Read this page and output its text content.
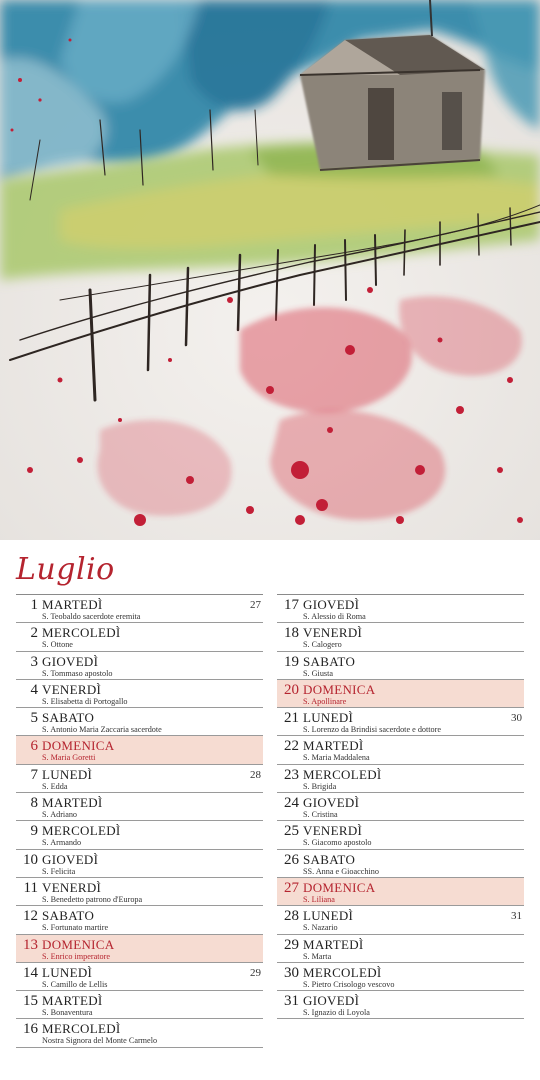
Luglio
1 MARTEDÌ
S. Teobaldo sacerdote eremita
27
2 MERCOLEDÌ
S. Ottone
3 GIOVEDÌ
S. Tommaso apostolo
4 VENERDÌ
S. Elisabetta di Portogallo
5 SABATO
S. Antonio Maria Zaccaria sacerdote
6 DOMENICA
S. Maria Goretti
7 LUNEDÌ
S. Edda
28
8 MARTEDÌ
S. Adriano
9 MERCOLEDÌ
S. Armando
10 GIOVEDÌ
S. Felicita
11 VENERDÌ
S. Benedetto patrono d'Europa
12 SABATO
S. Fortunato martire
13 DOMENICA
S. Enrico imperatore
14 LUNEDÌ
S. Camillo de Lellis
29
15 MARTEDÌ
S. Bonaventura
16 MERCOLEDÌ
Nostra Signora del Monte Carmelo
17 GIOVEDÌ
S. Alessio di Roma
18 VENERDÌ
S. Calogero
19 SABATO
S. Giusta
20 DOMENICA
S. Apollinare
21 LUNEDÌ
S. Lorenzo da Brindisi sacerdote e dottore
30
22 MARTEDÌ
S. Maria Maddalena
23 MERCOLEDÌ
S. Brigida
24 GIOVEDÌ
S. Cristina
25 VENERDÌ
S. Giacomo apostolo
26 SABATO
SS. Anna e Gioacchino
27 DOMENICA
S. Liliana
28 LUNEDÌ
S. Nazario
31
29 MARTEDÌ
S. Marta
30 MERCOLEDÌ
S. Pietro Crisologo vescovo
31 GIOVEDÌ
S. Ignazio di Loyola
